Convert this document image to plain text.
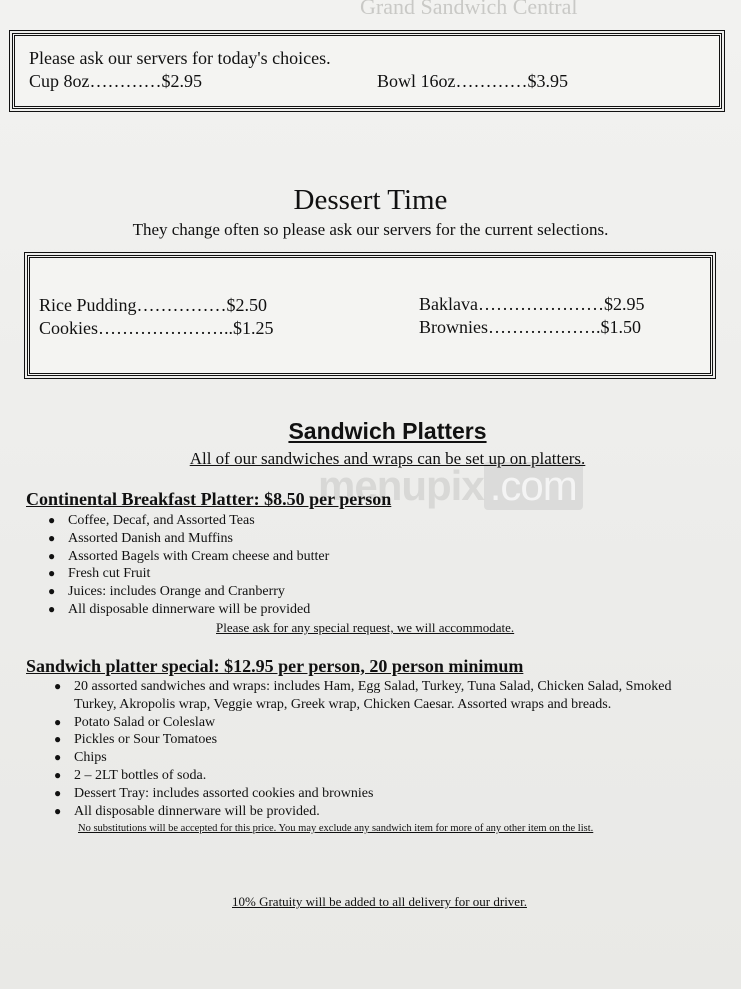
Grand Sandwich Central
Please ask our servers for today's choices.
Cup 8oz…………$2.95	Bowl 16oz…………$3.95
Dessert Time
They change often so please ask our servers for the current selections.
Rice Pudding……………$2.50
Cookies…………………..$1.25
Baklava…………………$2.95
Brownies……………….$1.50
menupix .com
Sandwich Platters
All of our sandwiches and wraps can be set up on platters.
Continental Breakfast Platter: $8.50 per person
● Coffee, Decaf, and Assorted Teas
● Assorted Danish and Muffins
● Assorted Bagels with Cream cheese and butter
● Fresh cut Fruit
● Juices: includes Orange and Cranberry
● All disposable dinnerware will be provided
Please ask for any special request, we will accommodate.
Sandwich platter special: $12.95 per person, 20 person minimum
● 20 assorted sandwiches and wraps: includes Ham, Egg Salad, Turkey, Tuna Salad, Chicken Salad, Smoked Turkey, Akropolis wrap, Veggie wrap, Greek wrap, Chicken Caesar. Assorted wraps and breads.
● Potato Salad or Coleslaw
● Pickles or Sour Tomatoes
● Chips
● 2 – 2LT bottles of soda.
● Dessert Tray: includes assorted cookies and brownies
● All disposable dinnerware will be provided.
No substitutions will be accepted for this price. You may exclude any sandwich item for more of any other item on the list.
10% Gratuity will be added to all delivery for our driver.
